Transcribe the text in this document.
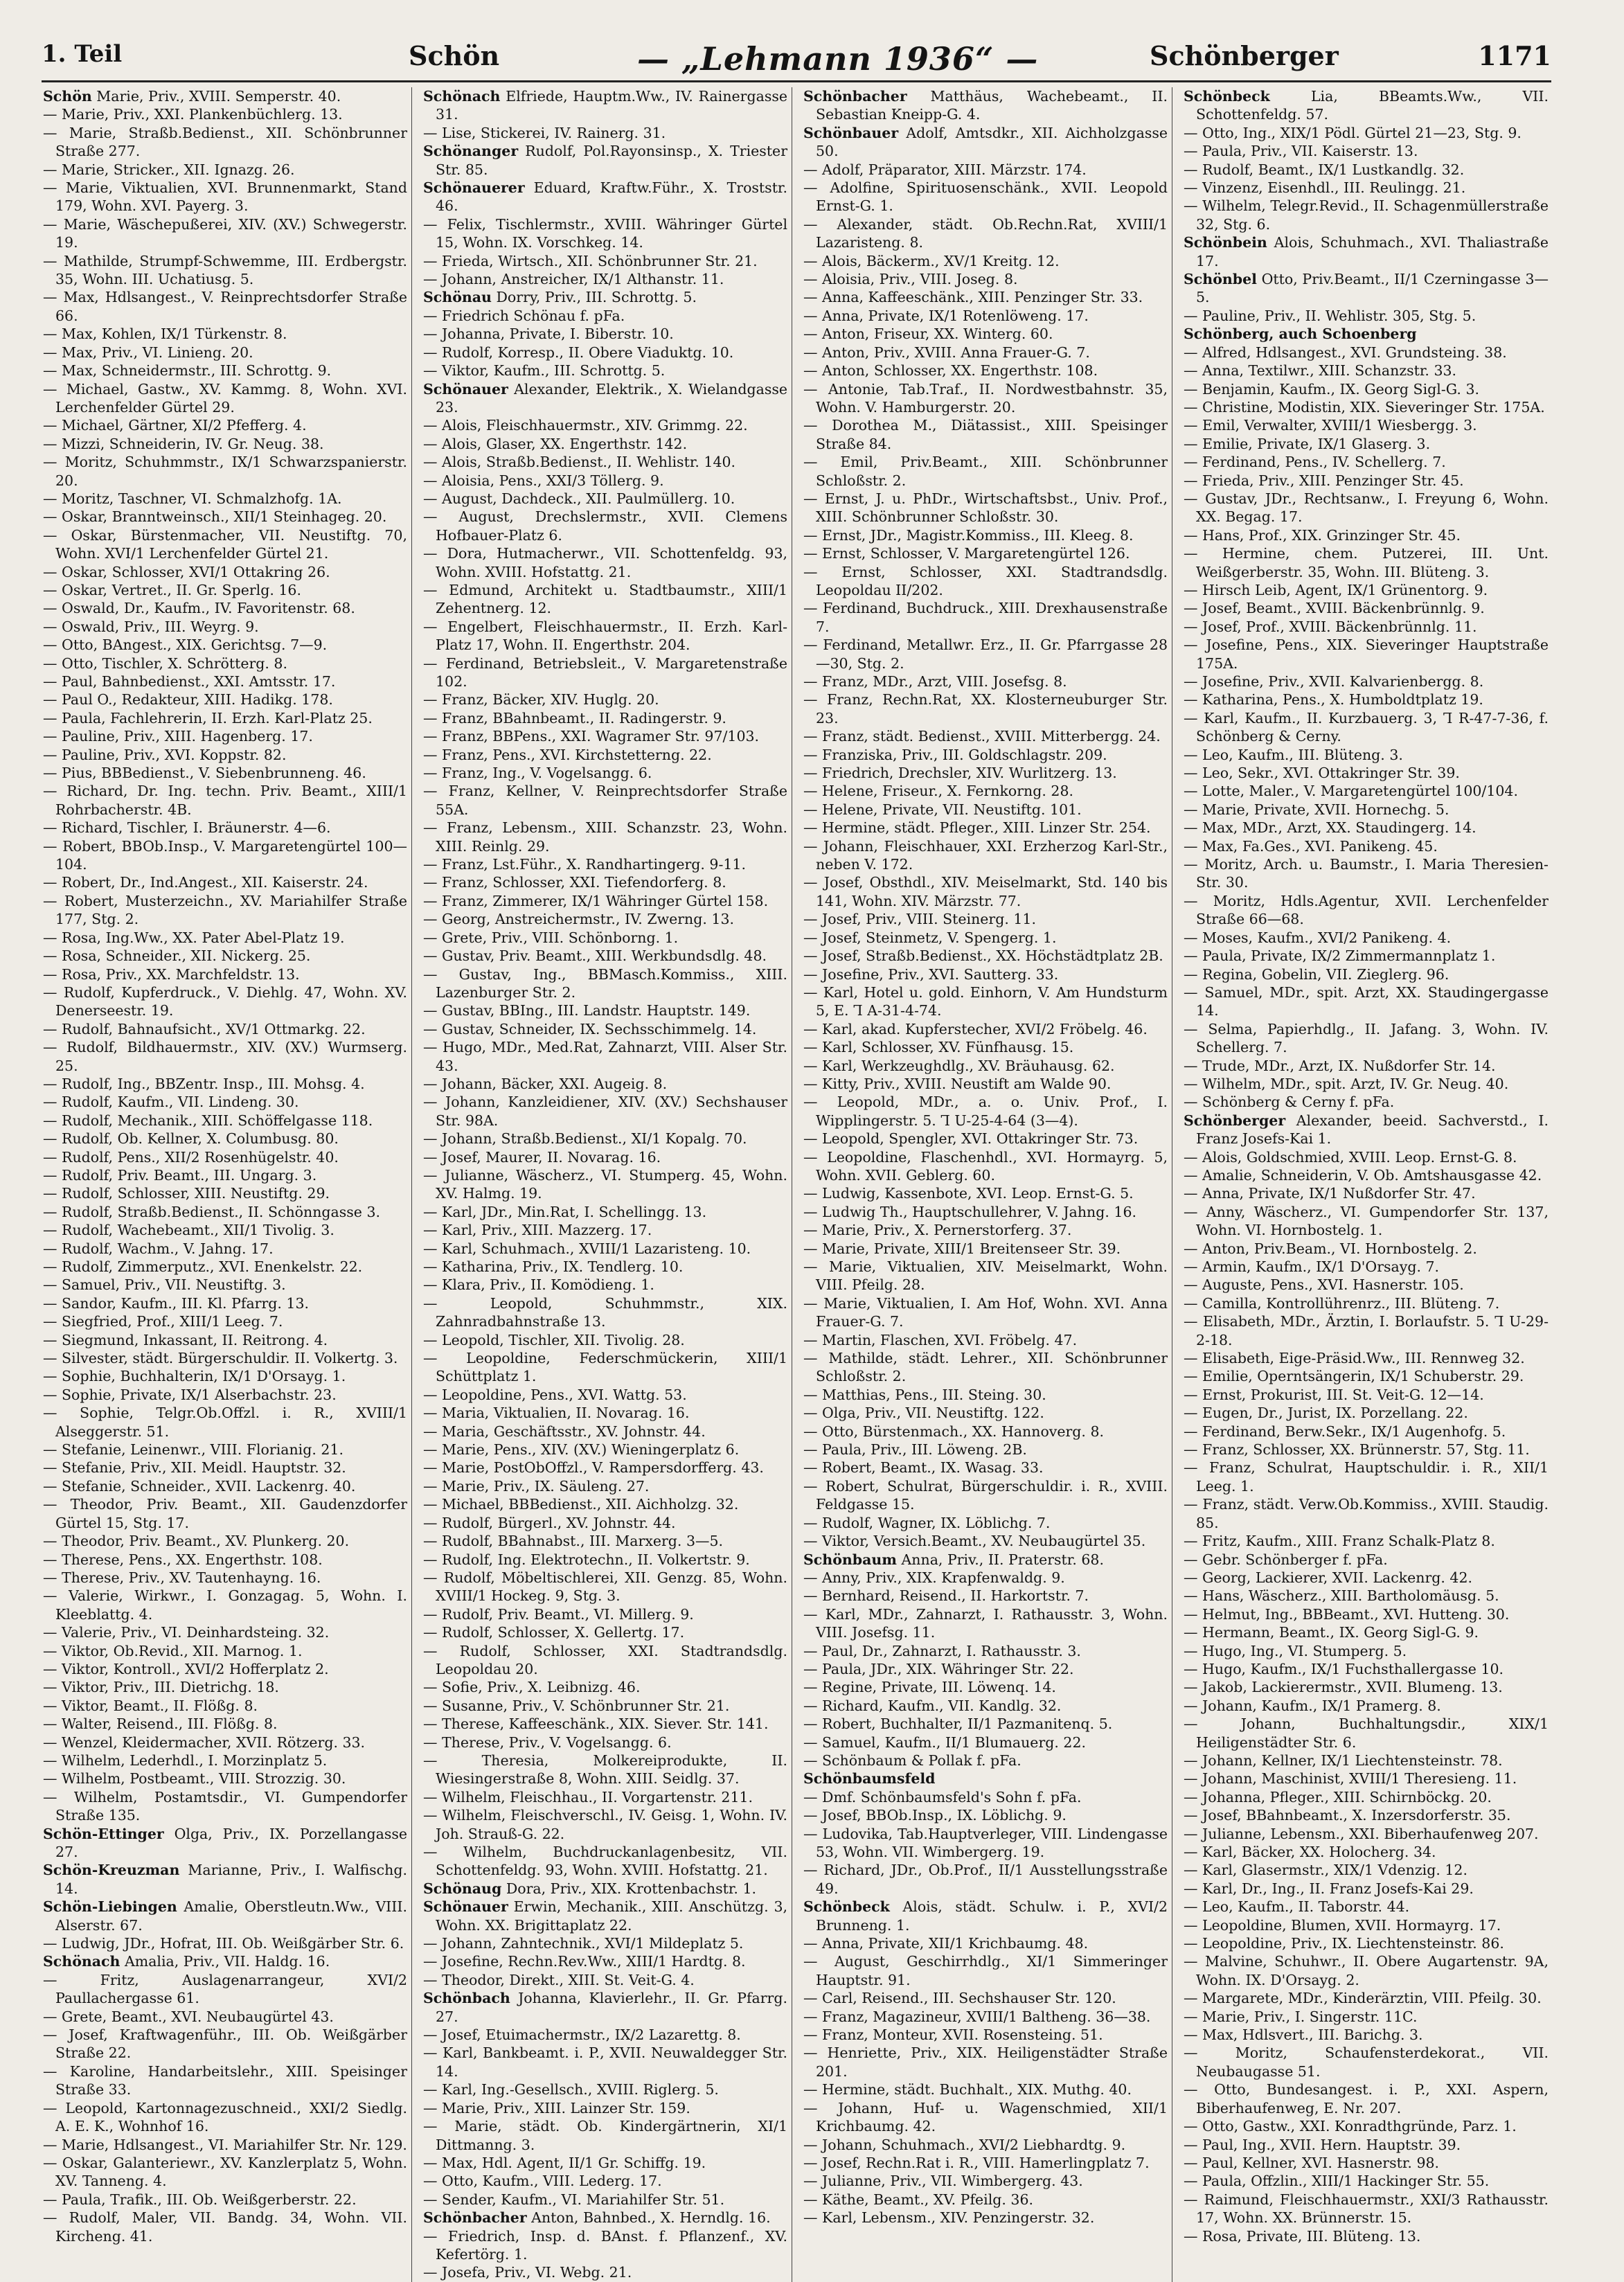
1. Teil	Schön	— „Lehmann 1936“ —	Schönberger	1171

Schön Marie, Priv., XVIII. Semperstr. 40.

— Marie, Priv., XXI. Plankenbüchlerg. 13.

— Marie, Straßb.Bedienst., XII. Schönbrunner Straße 277.

— Marie, Stricker., XII. Ignazg. 26.

— Marie, Viktualien, XVI. Brunnenmarkt, Stand 179, Wohn. XVI. Payerg. 3.

— Marie, Wäschepußerei, XIV. (XV.) Schwegerstr. 19.

— Mathilde, Strumpf-Schwemme, III. Erdbergstr. 35, Wohn. III. Uchatiusg. 5.

— Max, Hdlsangest., V. Reinprechtsdorfer Straße 66.

— Max, Kohlen, IX/1 Türkenstr. 8.

— Max, Priv., VI. Linieng. 20.

— Max, Schneidermstr., III. Schrottg. 9.

— Michael, Gastw., XV. Kammg. 8, Wohn. XVI. Lerchenfelder Gürtel 29.

— Michael, Gärtner, XI/2 Pfefferg. 4.

— Mizzi, Schneiderin, IV. Gr. Neug. 38.

— Moritz, Schuhmmstr., IX/1 Schwarzspanierstr. 20.

— Moritz, Taschner, VI. Schmalzhofg. 1A.

— Oskar, Branntweinsch., XII/1 Steinhageg. 20.

— Oskar, Bürstenmacher, VII. Neustiftg. 70, Wohn. XVI/1 Lerchenfelder Gürtel 21.

— Oskar, Schlosser, XVI/1 Ottakring 26.

— Oskar, Vertret., II. Gr. Sperlg. 16.

— Oswald, Dr., Kaufm., IV. Favoritenstr. 68.

— Oswald, Priv., III. Weyrg. 9.

— Otto, BAngest., XIX. Gerichtsg. 7—9.

— Otto, Tischler, X. Schrötterg. 8.

— Paul, Bahnbedienst., XXI. Amtsstr. 17.

— Paul O., Redakteur, XIII. Hadikg. 178.

— Paula, Fachlehrerin, II. Erzh. Karl-Platz 25.

— Pauline, Priv., XIII. Hagenberg. 17.

— Pauline, Priv., XVI. Koppstr. 82.

— Pius, BBBedienst., V. Siebenbrunneng. 46.

— Richard, Dr. Ing. techn. Priv. Beamt., XIII/1 Rohrbacherstr. 4B.

— Richard, Tischler, I. Bräunerstr. 4—6.

— Robert, BBOb.Insp., V. Margaretengürtel 100—104.

— Robert, Dr., Ind.Angest., XII. Kaiserstr. 24.

— Robert, Musterzeichn., XV. Mariahilfer Straße 177, Stg. 2.

— Rosa, Ing.Ww., XX. Pater Abel-Platz 19.

— Rosa, Schneider., XII. Nickerg. 25.

— Rosa, Priv., XX. Marchfeldstr. 13.

— Rudolf, Kupferdruck., V. Diehlg. 47, Wohn. XV. Denerseestr. 19.

— Rudolf, Bahnaufsicht., XV/1 Ottmarkg. 22.

— Rudolf, Bildhauermstr., XIV. (XV.) Wurmserg. 25.

— Rudolf, Ing., BBZentr. Insp., III. Mohsg. 4.

— Rudolf, Kaufm., VII. Lindeng. 30.

— Rudolf, Mechanik., XIII. Schöffelgasse 118.

— Rudolf, Ob. Kellner, X. Columbusg. 80.

— Rudolf, Pens., XII/2 Rosenhügelstr. 40.

— Rudolf, Priv. Beamt., III. Ungarg. 3.

— Rudolf, Schlosser, XIII. Neustiftg. 29.

— Rudolf, Straßb.Bedienst., II. Schönngasse 3.

— Rudolf, Wachebeamt., XII/1 Tivolig. 3.

— Rudolf, Wachm., V. Jahng. 17.

— Rudolf, Zimmerputz., XVI. Enenkelstr. 22.

— Samuel, Priv., VII. Neustiftg. 3.

— Sandor, Kaufm., III. Kl. Pfarrg. 13.

— Siegfried, Prof., XIII/1 Leeg. 7.

— Siegmund, Inkassant, II. Reitrong. 4.

— Silvester, städt. Bürgerschuldir. II. Volkertg. 3.

— Sophie, Buchhalterin, IX/1 D'Orsayg. 1.

— Sophie, Private, IX/1 Alserbachstr. 23.

— Sophie, Telgr.Ob.Offzl. i. R., XVIII/1 Alseggerstr. 51.

— Stefanie, Leinenwr., VIII. Florianig. 21.

— Stefanie, Priv., XII. Meidl. Hauptstr. 32.

— Stefanie, Schneider., XVII. Lackenrg. 40.

— Theodor, Priv. Beamt., XII. Gaudenzdorfer Gürtel 15, Stg. 17.

— Theodor, Priv. Beamt., XV. Plunkerg. 20.

— Therese, Pens., XX. Engerthstr. 108.

— Therese, Priv., XV. Tautenhayng. 16.

— Valerie, Wirkwr., I. Gonzagag. 5, Wohn. I. Kleeblattg. 4.

— Valerie, Priv., VI. Deinhardsteing. 32.

— Viktor, Ob.Revid., XII. Marnog. 1.

— Viktor, Kontroll., XVI/2 Hofferplatz 2.

— Viktor, Priv., III. Dietrichg. 18.

— Viktor, Beamt., II. Flößg. 8.

— Walter, Reisend., III. Flößg. 8.

— Wenzel, Kleidermacher, XVII. Rötzerg. 33.

— Wilhelm, Lederhdl., I. Morzinplatz 5.

— Wilhelm, Postbeamt., VIII. Strozzig. 30.

— Wilhelm, Postamtsdir., VI. Gumpendorfer Straße 135.

Schön-Ettinger Olga, Priv., IX. Porzellangasse 27.

Schön-Kreuzman Marianne, Priv., I. Walfischg. 14.

Schön-Liebingen Amalie, Oberstleutn.Ww., VIII. Alserstr. 67.

— Ludwig, JDr., Hofrat, III. Ob. Weißgärber Str. 6.

Schönach Amalia, Priv., VII. Haldg. 16.

— Fritz, Auslagenarrangeur, XVI/2 Paullachergasse 61.

— Grete, Beamt., XVI. Neubaugürtel 43.

— Josef, Kraftwagenführ., III. Ob. Weißgärber Straße 22.

— Karoline, Handarbeitslehr., XIII. Speisinger Straße 33.

— Leopold, Kartonnagezuschneid., XXI/2 Siedlg. A. E. K., Wohnhof 16.

— Marie, Hdlsangest., VI. Mariahilfer Str. Nr. 129.

— Oskar, Galanteriewr., XV. Kanzlerplatz 5, Wohn. XV. Tanneng. 4.

— Paula, Trafik., III. Ob. Weißgerberstr. 22.

— Rudolf, Maler, VII. Bandg. 34, Wohn. VII. Kircheng. 41.

Schönach Elfriede, Hauptm.Ww., IV. Rainergasse 31.

— Lise, Stickerei, IV. Rainerg. 31.

Schönanger Rudolf, Pol.Rayonsinsp., X. Triester Str. 85.

Schönauerer Eduard, Kraftw.Führ., X. Troststr. 46.

— Felix, Tischlermstr., XVIII. Währinger Gürtel 15, Wohn. IX. Vorschkeg. 14.

— Frieda, Wirtsch., XII. Schönbrunner Str. 21.

— Johann, Anstreicher, IX/1 Althanstr. 11.

Schönau Dorry, Priv., III. Schrottg. 5.

— Friedrich Schönau f. pFa.

— Johanna, Private, I. Biberstr. 10.

— Rudolf, Korresp., II. Obere Viaduktg. 10.

— Viktor, Kaufm., III. Schrottg. 5.

Schönauer Alexander, Elektrik., X. Wielandgasse 23.

— Alois, Fleischhauermstr., XIV. Grimmg. 22.

— Alois, Glaser, XX. Engerthstr. 142.

— Alois, Straßb.Bedienst., II. Wehlistr. 140.

— Aloisia, Pens., XXI/3 Töllerg. 9.

— August, Dachdeck., XII. Paulmüllerg. 10.

— August, Drechslermstr., XVII. Clemens Hofbauer-Platz 6.

— Dora, Hutmacherwr., VII. Schottenfeldg. 93, Wohn. XVIII. Hofstattg. 21.

— Edmund, Architekt u. Stadtbaumstr., XIII/1 Zehentnerg. 12.

— Engelbert, Fleischhauermstr., II. Erzh. Karl-Platz 17, Wohn. II. Engerthstr. 204.

— Ferdinand, Betriebsleit., V. Margaretenstraße 102.

— Franz, Bäcker, XIV. Huglg. 20.

— Franz, BBahnbeamt., II. Radingerstr. 9.

— Franz, BBPens., XXI. Wagramer Str. 97/103.

— Franz, Pens., XVI. Kirchstetterng. 22.

— Franz, Ing., V. Vogelsangg. 6.

— Franz, Kellner, V. Reinprechtsdorfer Straße 55A.

— Franz, Lebensm., XIII. Schanzstr. 23, Wohn. XIII. Reinlg. 29.

— Franz, Lst.Führ., X. Randhartingerg. 9-11.

— Franz, Schlosser, XXI. Tiefendorferg. 8.

— Franz, Zimmerer, IX/1 Währinger Gürtel 158.

— Georg, Anstreichermstr., IV. Zwerng. 13.

— Grete, Priv., VIII. Schönborng. 1.

— Gustav, Priv. Beamt., XIII. Werkbundsdlg. 48.

— Gustav, Ing., BBMasch.Kommiss., XIII. Lazenburger Str. 2.

— Gustav, BBIng., III. Landstr. Hauptstr. 149.

— Gustav, Schneider, IX. Sechsschimmelg. 14.

— Hugo, MDr., Med.Rat, Zahnarzt, VIII. Alser Str. 43.

— Johann, Bäcker, XXI. Augeig. 8.

— Johann, Kanzleidiener, XIV. (XV.) Sechshauser Str. 98A.

— Johann, Straßb.Bedienst., XI/1 Kopalg. 70.

— Josef, Maurer, II. Novarag. 16.

— Julianne, Wäscherz., VI. Stumperg. 45, Wohn. XV. Halmg. 19.

— Karl, JDr., Min.Rat, I. Schellingg. 13.

— Karl, Priv., XIII. Mazzerg. 17.

— Karl, Schuhmach., XVIII/1 Lazaristeng. 10.

— Katharina, Priv., IX. Tendlerg. 10.

— Klara, Priv., II. Komödieng. 1.

— Leopold, Schuhmmstr., XIX. Zahnradbahnstraße 13.

— Leopold, Tischler, XII. Tivolig. 28.

— Leopoldine, Federschmückerin, XIII/1 Schüttplatz 1.

— Leopoldine, Pens., XVI. Wattg. 53.

— Maria, Viktualien, II. Novarag. 16.

— Maria, Geschäftsstr., XV. Johnstr. 44.

— Marie, Pens., XIV. (XV.) Wieningerplatz 6.

— Marie, PostObOffzl., V. Rampersdorfferg. 43.

— Marie, Priv., IX. Säuleng. 27.

— Michael, BBBedienst., XII. Aichholzg. 32.

— Rudolf, Bürgerl., XV. Johnstr. 44.

— Rudolf, BBahnabst., III. Marxerg. 3—5.

— Rudolf, Ing. Elektrotechn., II. Volkertstr. 9.

— Rudolf, Möbeltischlerei, XII. Genzg. 85, Wohn. XVIII/1 Hockeg. 9, Stg. 3.

— Rudolf, Priv. Beamt., VI. Millerg. 9.

— Rudolf, Schlosser, X. Gellertg. 17.

— Rudolf, Schlosser, XXI. Stadtrandsdlg. Leopoldau 20.

— Sofie, Priv., X. Leibnizg. 46.

— Susanne, Priv., V. Schönbrunner Str. 21.

— Therese, Kaffeeschänk., XIX. Siever. Str. 141.

— Therese, Priv., V. Vogelsangg. 6.

— Theresia, Molkereiprodukte, II. Wiesingerstraße 8, Wohn. XIII. Seidlg. 37.

— Wilhelm, Fleischhau., II. Vorgartenstr. 211.

— Wilhelm, Fleischverschl., IV. Geisg. 1, Wohn. IV. Joh. Strauß-G. 22.

— Wilhelm, Buchdruckanlagenbesitz, VII. Schottenfeldg. 93, Wohn. XVIII. Hofstattg. 21.

Schönaug Dora, Priv., XIX. Krottenbachstr. 1.

Schönauer Erwin, Mechanik., XIII. Anschützg. 3, Wohn. XX. Brigittaplatz 22.

— Johann, Zahntechnik., XVI/1 Mildeplatz 5.

— Josefine, Rechn.Rev.Ww., XIII/1 Hardtg. 8.

— Theodor, Direkt., XIII. St. Veit-G. 4.

Schönbach Johanna, Klavierlehr., II. Gr. Pfarrg. 27.

— Josef, Etuimachermstr., IX/2 Lazarettg. 8.

— Karl, Bankbeamt. i. P., XVII. Neuwaldegger Str. 14.

— Karl, Ing.-Gesellsch., XVIII. Riglerg. 5.

— Marie, Priv., XIII. Lainzer Str. 159.

— Marie, städt. Ob. Kindergärtnerin, XI/1 Dittmanng. 3.

— Max, Hdl. Agent, II/1 Gr. Schiffg. 19.

— Otto, Kaufm., VIII. Lederg. 17.

— Sender, Kaufm., VI. Mariahilfer Str. 51.

Schönbacher Anton, Bahnbed., X. Herndlg. 16.

— Friedrich, Insp. d. BAnst. f. Pflanzenf., XV. Kefertörg. 1.

— Josefa, Priv., VI. Webg. 21.

Schönbacher Matthäus, Wachebeamt., II. Sebastian Kneipp-G. 4.

Schönbauer Adolf, Amtsdkr., XII. Aichholzgasse 50.

— Adolf, Präparator, XIII. Märzstr. 174.

— Adolfine, Spirituosenschänk., XVII. Leopold Ernst-G. 1.

— Alexander, städt. Ob.Rechn.Rat, XVIII/1 Lazaristeng. 8.

— Alois, Bäckerm., XV/1 Kreitg. 12.

— Aloisia, Priv., VIII. Joseg. 8.

— Anna, Kaffeeschänk., XIII. Penzinger Str. 33.

— Anna, Private, IX/1 Rotenlöweng. 17.

— Anton, Friseur, XX. Winterg. 60.

— Anton, Priv., XVIII. Anna Frauer-G. 7.

— Anton, Schlosser, XX. Engerthstr. 108.

— Antonie, Tab.Traf., II. Nordwestbahnstr. 35, Wohn. V. Hamburgerstr. 20.

— Dorothea M., Diätassist., XIII. Speisinger Straße 84.

— Emil, Priv.Beamt., XIII. Schönbrunner Schloßstr. 2.

— Ernst, J. u. PhDr., Wirtschaftsbst., Univ. Prof., XIII. Schönbrunner Schloßstr. 30.

— Ernst, JDr., Magistr.Kommiss., III. Kleeg. 8.

— Ernst, Schlosser, V. Margaretengürtel 126.

— Ernst, Schlosser, XXI. Stadtrandsdlg. Leopoldau II/202.

— Ferdinand, Buchdruck., XIII. Drexhausenstraße 7.

— Ferdinand, Metallwr. Erz., II. Gr. Pfarrgasse 28—30, Stg. 2.

— Franz, MDr., Arzt, VIII. Josefsg. 8.

— Franz, Rechn.Rat, XX. Klosterneuburger Str. 23.

— Franz, städt. Bedienst., XVIII. Mitterbergg. 24.

— Franziska, Priv., III. Goldschlagstr. 209.

— Friedrich, Drechsler, XIV. Wurlitzerg. 13.

— Helene, Friseur., X. Fernkorng. 28.

— Helene, Private, VII. Neustiftg. 101.

— Hermine, städt. Pfleger., XIII. Linzer Str. 254.

— Johann, Fleischhauer, XXI. Erzherzog Karl-Str., neben V. 172.

— Josef, Obsthdl., XIV. Meiselmarkt, Std. 140 bis 141, Wohn. XIV. Märzstr. 77.

— Josef, Priv., VIII. Steinerg. 11.

— Josef, Steinmetz, V. Spengerg. 1.

— Josef, Straßb.Bedienst., XX. Höchstädtplatz 2B.

— Josefine, Priv., XVI. Sautterg. 33.

— Karl, Hotel u. gold. Einhorn, V. Am Hundsturm 5, E. Ꞁ A-31-4-74.

— Karl, akad. Kupferstecher, XVI/2 Fröbelg. 46.

— Karl, Schlosser, XV. Fünfhausg. 15.

— Karl, Werkzeughdlg., XV. Bräuhausg. 62.

— Kitty, Priv., XVIII. Neustift am Walde 90.

— Leopold, MDr., a. o. Univ. Prof., I. Wipplingerstr. 5. Ꞁ U-25-4-64 (3—4).

— Leopold, Spengler, XVI. Ottakringer Str. 73.

— Leopoldine, Flaschenhdl., XVI. Hormayrg. 5, Wohn. XVII. Geblerg. 60.

— Ludwig, Kassenbote, XVI. Leop. Ernst-G. 5.

— Ludwig Th., Hauptschullehrer, V. Jahng. 16.

— Marie, Priv., X. Pernerstorferg. 37.

— Marie, Private, XIII/1 Breitenseer Str. 39.

— Marie, Viktualien, XIV. Meiselmarkt, Wohn. VIII. Pfeilg. 28.

— Marie, Viktualien, I. Am Hof, Wohn. XVI. Anna Frauer-G. 7.

— Martin, Flaschen, XVI. Fröbelg. 47.

— Mathilde, städt. Lehrer., XII. Schönbrunner Schloßstr. 2.

— Matthias, Pens., III. Steing. 30.

— Olga, Priv., VII. Neustiftg. 122.

— Otto, Bürstenmach., XX. Hannoverg. 8.

— Paula, Priv., III. Löweng. 2B.

— Robert, Beamt., IX. Wasag. 33.

— Robert, Schulrat, Bürgerschuldir. i. R., XVIII. Feldgasse 15.

— Rudolf, Wagner, IX. Löblichg. 7.

— Viktor, Versich.Beamt., XV. Neubaugürtel 35.

Schönbaum Anna, Priv., II. Praterstr. 68.

— Anny, Priv., XIX. Krapfenwaldg. 9.

— Bernhard, Reisend., II. Harkortstr. 7.

— Karl, MDr., Zahnarzt, I. Rathausstr. 3, Wohn. VIII. Josefsg. 11.

— Paul, Dr., Zahnarzt, I. Rathausstr. 3.

— Paula, JDr., XIX. Währinger Str. 22.

— Regine, Private, III. Löwenq. 14.

— Richard, Kaufm., VII. Kandlg. 32.

— Robert, Buchhalter, II/1 Pazmanitenq. 5.

— Samuel, Kaufm., II/1 Blumauerg. 22.

— Schönbaum & Pollak f. pFa.

Schönbaumsfeld

— Dmf. Schönbaumsfeld's Sohn f. pFa.

— Josef, BBOb.Insp., IX. Löblichg. 9.

— Ludovika, Tab.Hauptverleger, VIII. Lindengasse 53, Wohn. VII. Wimbergerg. 19.

— Richard, JDr., Ob.Prof., II/1 Ausstellungsstraße 49.

Schönbeck Alois, städt. Schulw. i. P., XVI/2 Brunneng. 1.

— Anna, Private, XII/1 Krichbaumg. 48.

— August, Geschirrhdlg., XI/1 Simmeringer Hauptstr. 91.

— Carl, Reisend., III. Sechshauser Str. 120.

— Franz, Magazineur, XVIII/1 Baltheng. 36—38.

— Franz, Monteur, XVII. Rosensteing. 51.

— Henriette, Priv., XIX. Heiligenstädter Straße 201.

— Hermine, städt. Buchhalt., XIX. Muthg. 40.

— Johann, Huf- u. Wagenschmied, XII/1 Krichbaumg. 42.

— Johann, Schuhmach., XVI/2 Liebhardtg. 9.

— Josef, Rechn.Rat i. R., VIII. Hamerlingplatz 7.

— Julianne, Priv., VII. Wimbergerg. 43.

— Käthe, Beamt., XV. Pfeilg. 36.

— Karl, Lebensm., XIV. Penzingerstr. 32.

Schönbeck Lia, BBeamts.Ww., VII. Schottenfeldg. 57.

— Otto, Ing., XIX/1 Pödl. Gürtel 21—23, Stg. 9.

— Paula, Priv., VII. Kaiserstr. 13.

— Rudolf, Beamt., IX/1 Lustkandlg. 32.

— Vinzenz, Eisenhdl., III. Reulingg. 21.

— Wilhelm, Telegr.Revid., II. Schagenmüllerstraße 32, Stg. 6.

Schönbein Alois, Schuhmach., XVI. Thaliastraße 17.

Schönbel Otto, Priv.Beamt., II/1 Czerningasse 3—5.

— Pauline, Priv., II. Wehlistr. 305, Stg. 5.

Schönberg, auch Schoenberg

— Alfred, Hdlsangest., XVI. Grundsteing. 38.

— Anna, Textilwr., XIII. Schanzstr. 33.

— Benjamin, Kaufm., IX. Georg Sigl-G. 3.

— Christine, Modistin, XIX. Sieveringer Str. 175A.

— Emil, Verwalter, XVIII/1 Wiesbergg. 3.

— Emilie, Private, IX/1 Glaserg. 3.

— Ferdinand, Pens., IV. Schellerg. 7.

— Frieda, Priv., XIII. Penzinger Str. 45.

— Gustav, JDr., Rechtsanw., I. Freyung 6, Wohn. XX. Begag. 17.

— Hans, Prof., XIX. Grinzinger Str. 45.

— Hermine, chem. Putzerei, III. Unt. Weißgerberstr. 35, Wohn. III. Blüteng. 3.

— Hirsch Leib, Agent, IX/1 Grünentorg. 9.

— Josef, Beamt., XVIII. Bäckenbrünnlg. 9.

— Josef, Prof., XVIII. Bäckenbrünnlg. 11.

— Josefine, Pens., XIX. Sieveringer Hauptstraße 175A.

— Josefine, Priv., XVII. Kalvarienbergg. 8.

— Katharina, Pens., X. Humboldtplatz 19.

— Karl, Kaufm., II. Kurzbauerg. 3, Ꞁ R-47-7-36, f. Schönberg & Cerny.

— Leo, Kaufm., III. Blüteng. 3.

— Leo, Sekr., XVI. Ottakringer Str. 39.

— Lotte, Maler., V. Margaretengürtel 100/104.

— Marie, Private, XVII. Hornechg. 5.

— Max, MDr., Arzt, XX. Staudingerg. 14.

— Max, Fa.Ges., XVI. Panikeng. 45.

— Moritz, Arch. u. Baumstr., I. Maria Theresien-Str. 30.

— Moritz, Hdls.Agentur, XVII. Lerchenfelder Straße 66—68.

— Moses, Kaufm., XVI/2 Panikeng. 4.

— Paula, Private, IX/2 Zimmermannplatz 1.

— Regina, Gobelin, VII. Zieglerg. 96.

— Samuel, MDr., spit. Arzt, XX. Staudingergasse 14.

— Selma, Papierhdlg., II. Jafang. 3, Wohn. IV. Schellerg. 7.

— Trude, MDr., Arzt, IX. Nußdorfer Str. 14.

— Wilhelm, MDr., spit. Arzt, IV. Gr. Neug. 40.

— Schönberg & Cerny f. pFa.

Schönberger Alexander, beeid. Sachverstd., I. Franz Josefs-Kai 1.

— Alois, Goldschmied, XVIII. Leop. Ernst-G. 8.

— Amalie, Schneiderin, V. Ob. Amtshausgasse 42.

— Anna, Private, IX/1 Nußdorfer Str. 47.

— Anny, Wäscherz., VI. Gumpendorfer Str. 137, Wohn. VI. Hornbostelg. 1.

— Anton, Priv.Beam., VI. Hornbostelg. 2.

— Armin, Kaufm., IX/1 D'Orsayg. 7.

— Auguste, Pens., XVI. Hasnerstr. 105.

— Camilla, Kontrollührenrz., III. Blüteng. 7.

— Elisabeth, MDr., Ärztin, I. Borlaufstr. 5. Ꞁ U-29-2-18.

— Elisabeth, Eige-Präsid.Ww., III. Rennweg 32.

— Emilie, Operntsängerin, IX/1 Schuberstr. 29.

— Ernst, Prokurist, III. St. Veit-G. 12—14.

— Eugen, Dr., Jurist, IX. Porzellang. 22.

— Ferdinand, Berw.Sekr., IX/1 Augenhofg. 5.

— Franz, Schlosser, XX. Brünnerstr. 57, Stg. 11.

— Franz, Schulrat, Hauptschuldir. i. R., XII/1 Leeg. 1.

— Franz, städt. Verw.Ob.Kommiss., XVIII. Staudig. 85.

— Fritz, Kaufm., XIII. Franz Schalk-Platz 8.

— Gebr. Schönberger f. pFa.

— Georg, Lackierer, XVII. Lackenrg. 42.

— Hans, Wäscherz., XIII. Bartholomäusg. 5.

— Helmut, Ing., BBBeamt., XVI. Hutteng. 30.

— Hermann, Beamt., IX. Georg Sigl-G. 9.

— Hugo, Ing., VI. Stumperg. 5.

— Hugo, Kaufm., IX/1 Fuchsthallergasse 10.

— Jakob, Lackierermstr., XVII. Blumeng. 13.

— Johann, Kaufm., IX/1 Pramerg. 8.

— Johann, Buchhaltungsdir., XIX/1 Heiligenstädter Str. 6.

— Johann, Kellner, IX/1 Liechtensteinstr. 78.

— Johann, Maschinist, XVIII/1 Theresieng. 11.

— Johanna, Pfleger., XIII. Schirnböckg. 20.

— Josef, BBahnbeamt., X. Inzersdorferstr. 35.

— Julianne, Lebensm., XXI. Biberhaufenweg 207.

— Karl, Bäcker, XX. Holocherg. 34.

— Karl, Glasermstr., XIX/1 Vdenzig. 12.

— Karl, Dr., Ing., II. Franz Josefs-Kai 29.

— Leo, Kaufm., II. Taborstr. 44.

— Leopoldine, Blumen, XVII. Hormayrg. 17.

— Leopoldine, Priv., IX. Liechtensteinstr. 86.

— Malvine, Schuhwr., II. Obere Augartenstr. 9A, Wohn. IX. D'Orsayg. 2.

— Margarete, MDr., Kinderärztin, VIII. Pfeilg. 30.

— Marie, Priv., I. Singerstr. 11C.

— Max, Hdlsvert., III. Barichg. 3.

— Moritz, Schaufensterdekorat., VII. Neubaugasse 51.

— Otto, Bundesangest. i. P., XXI. Aspern, Biberhaufenweg, E. Nr. 207.

— Otto, Gastw., XXI. Konradthgründe, Parz. 1.

— Paul, Ing., XVII. Hern. Hauptstr. 39.

— Paul, Kellner, XVI. Hasnerstr. 98.

— Paula, Offzlin., XIII/1 Hackinger Str. 55.

— Raimund, Fleischhauermstr., XXI/3 Rathausstr. 17, Wohn. XX. Brünnerstr. 15.

— Rosa, Private, III. Blüteng. 13.
